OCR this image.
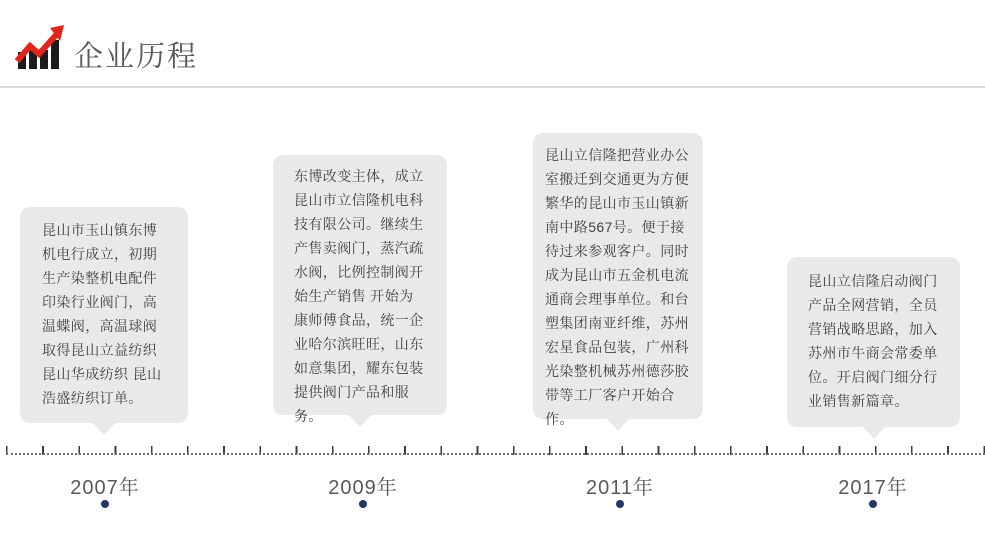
企业历程
昆山市玉山镇东博机电行成立，初期生产染整机电配件印染行业阀门，高温蝶阀，高温球阀取得昆山立益纺织 昆山华成纺织 昆山浩盛纺织订单。
东博改变主体，成立昆山市立信隆机电科技有限公司。继续生产售卖阀门，蒸汽疏水阀，比例控制阀开始生产销售 开始为康师傅食品，统一企业哈尔滨旺旺，山东如意集团，耀东包装提供阀门产品和服务。
昆山立信隆把营业办公室搬迁到交通更为方便繁华的昆山市玉山镇新南中路567号。便于接待过来参观客户。同时成为昆山市五金机电流通商会理事单位。和台塑集团南亚纤维，苏州宏星食品包装，广州科光染整机械苏州德莎胶带等工厂客户开始合作。
昆山立信隆启动阀门产品全网营销，全员营销战略思路，加入苏州市牛商会常委单位。开启阀门细分行业销售新篇章。
2007年	2009年	2011年	2017年
